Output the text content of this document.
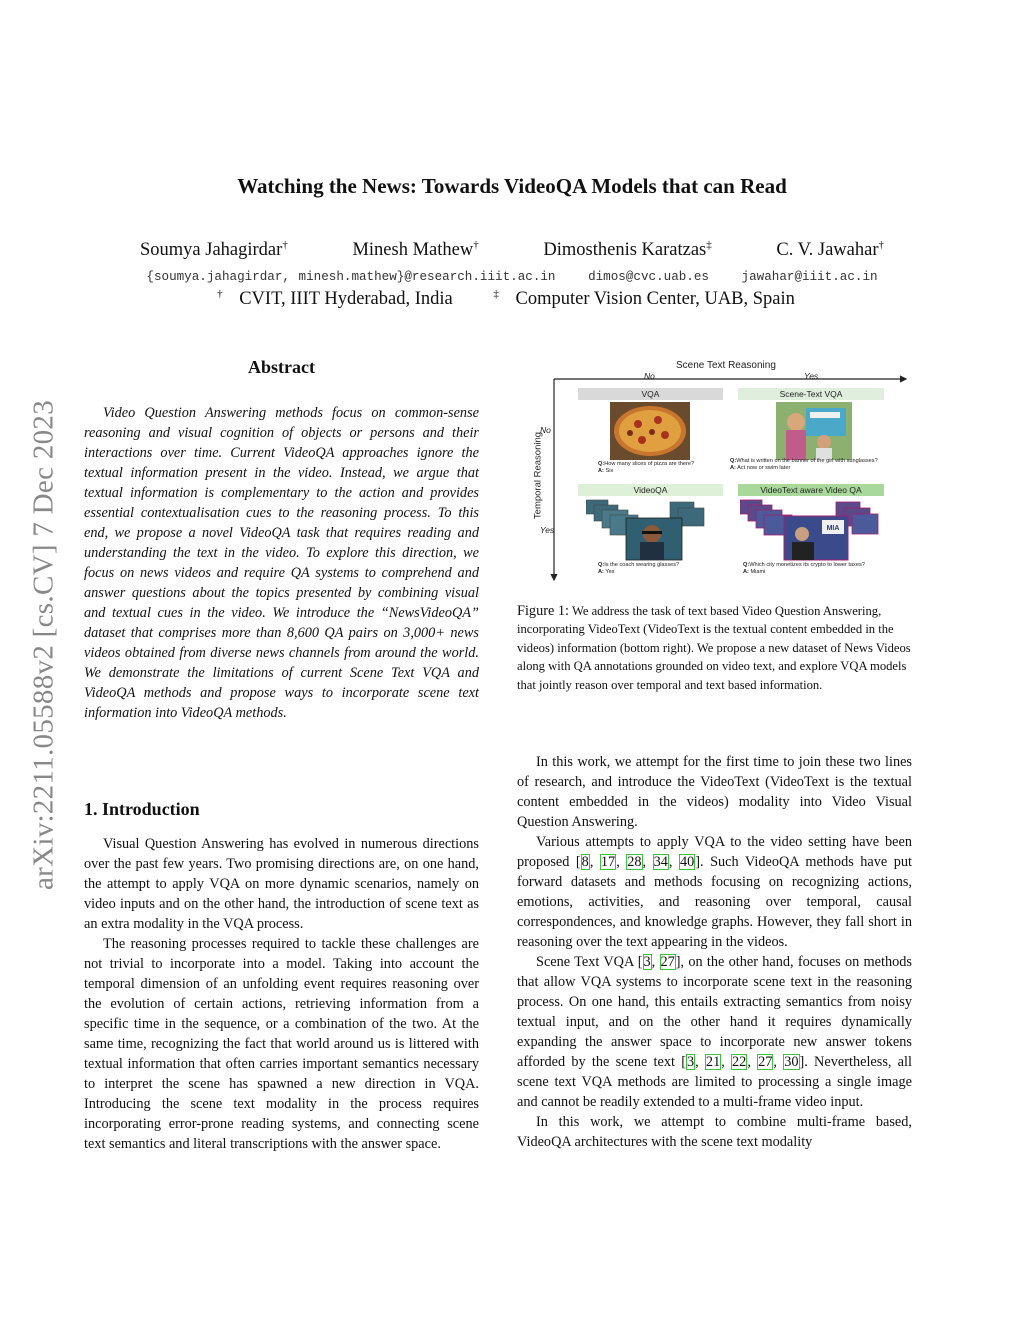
arXiv:2211.05588v2 [cs.CV] 7 Dec 2023
Watching the News: Towards VideoQA Models that can Read
Soumya Jahagirdar†	Minesh Mathew†	Dimosthenis Karatzas‡	C. V. Jawahar†
{soumya.jahagirdar, minesh.mathew}@research.iiit.ac.in	dimos@cvc.uab.es	jawahar@iiit.ac.in
† CVIT, IIIT Hyderabad, India	‡ Computer Vision Center, UAB, Spain
Abstract

Video Question Answering methods focus on common-sense reasoning and visual cognition of objects or persons and their interactions over time. Current VideoQA approaches ignore the textual information present in the video. Instead, we argue that textual information is complementary to the action and provides essential contextualisation cues to the reasoning process. To this end, we propose a novel VideoQA task that requires reading and understanding the text in the video. To explore this direction, we focus on news videos and require QA systems to comprehend and answer questions about the topics presented by combining visual and textual cues in the video. We introduce the “NewsVideoQA” dataset that comprises more than 8,600 QA pairs on 3,000+ news videos obtained from diverse news channels from around the world. We demonstrate the limitations of current Scene Text VQA and VideoQA methods and propose ways to incorporate scene text information into VideoQA methods.

1. Introduction

Visual Question Answering has evolved in numerous directions over the past few years. Two promising directions are, on one hand, the attempt to apply VQA on more dynamic scenarios, namely on video inputs and on the other hand, the introduction of scene text as an extra modality in the VQA process.

The reasoning processes required to tackle these challenges are not trivial to incorporate into a model. Taking into account the temporal dimension of an unfolding event requires reasoning over the evolution of certain actions, retrieving information from a specific time in the sequence, or a combination of the two. At the same time, recognizing the fact that world around us is littered with textual information that often carries important semantics necessary to interpret the scene has spawned a new direction in VQA. Introducing the scene text modality in the process requires incorporating error-prone reading systems, and connecting scene text semantics and literal transcriptions with the answer space.

Scene Text Reasoning
No	Yes
Temporal Reasoning
No
Yes
VQA
Q:How many slices of pizza are there?
A: Six
Scene-Text VQA
Q:What is written on the banner of the girl with sunglasses?
A: Act now or swim later
VideoQA
Q:Is the coach wearing glasses?
A: Yes
VideoText aware Video QA
MIA
Q:Which city monetizes its crypto to lower taxes?
A: Miami
Figure 1: We address the task of text based Video Question Answering, incorporating VideoText (VideoText is the textual content embedded in the videos) information (bottom right). We propose a new dataset of News Videos along with QA annotations grounded on video text, and explore VQA models that jointly reason over temporal and text based information.

In this work, we attempt for the first time to join these two lines of research, and introduce the VideoText (VideoText is the textual content embedded in the videos) modality into Video Visual Question Answering.

Various attempts to apply VQA to the video setting have been proposed [8, 17, 28, 34, 40]. Such VideoQA methods have put forward datasets and methods focusing on recognizing actions, emotions, activities, and reasoning over temporal, causal correspondences, and knowledge graphs. However, they fall short in reasoning over the text appearing in the videos.

Scene Text VQA [3, 27], on the other hand, focuses on methods that allow VQA systems to incorporate scene text in the reasoning process. On one hand, this entails extracting semantics from noisy textual input, and on the other hand it requires dynamically expanding the answer space to incorporate new answer tokens afforded by the scene text [3, 21, 22, 27, 30]. Nevertheless, all scene text VQA methods are limited to processing a single image and cannot be readily extended to a multi-frame video input.

In this work, we attempt to combine multi-frame based, VideoQA architectures with the scene text modality
